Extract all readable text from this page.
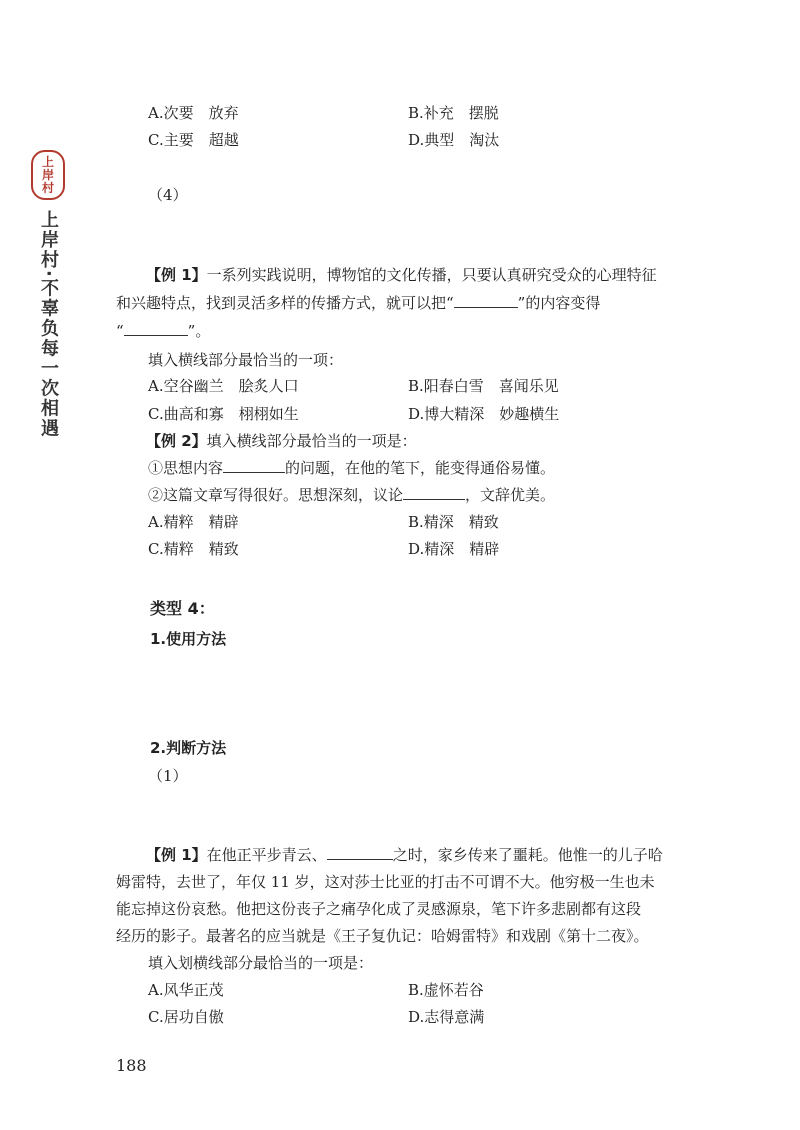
上
岸
村
上岸村·不辜负每一次相遇
A.次要　放弃	B.补充　摆脱
C.主要　超越	D.典型　淘汰
（4）
【例 1】一系列实践说明，博物馆的文化传播，只要认真研究受众的心理特征
和兴趣特点，找到灵活多样的传播方式，就可以把“	”的内容变得
“	”。
填入横线部分最恰当的一项：
A.空谷幽兰　脍炙人口	B.阳春白雪　喜闻乐见
C.曲高和寡　栩栩如生	D.博大精深　妙趣横生
【例 2】填入横线部分最恰当的一项是：
①思想内容	的问题，在他的笔下，能变得通俗易懂。
②这篇文章写得很好。思想深刻，议论	，文辞优美。
A.精粹　精辟	B.精深　精致
C.精粹　精致	D.精深　精辟
类型 4：
1.使用方法
2.判断方法
（1）
【例 1】在他正平步青云、	之时，家乡传来了噩耗。他惟一的儿子哈
姆雷特，去世了，年仅 11 岁，这对莎士比亚的打击不可谓不大。他穷极一生也未
能忘掉这份哀愁。他把这份丧子之痛孕化成了灵感源泉，笔下许多悲剧都有这段
经历的影子。最著名的应当就是《王子复仇记：哈姆雷特》和戏剧《第十二夜》。
填入划横线部分最恰当的一项是：
A.风华正茂	B.虚怀若谷
C.居功自傲	D.志得意满
188
